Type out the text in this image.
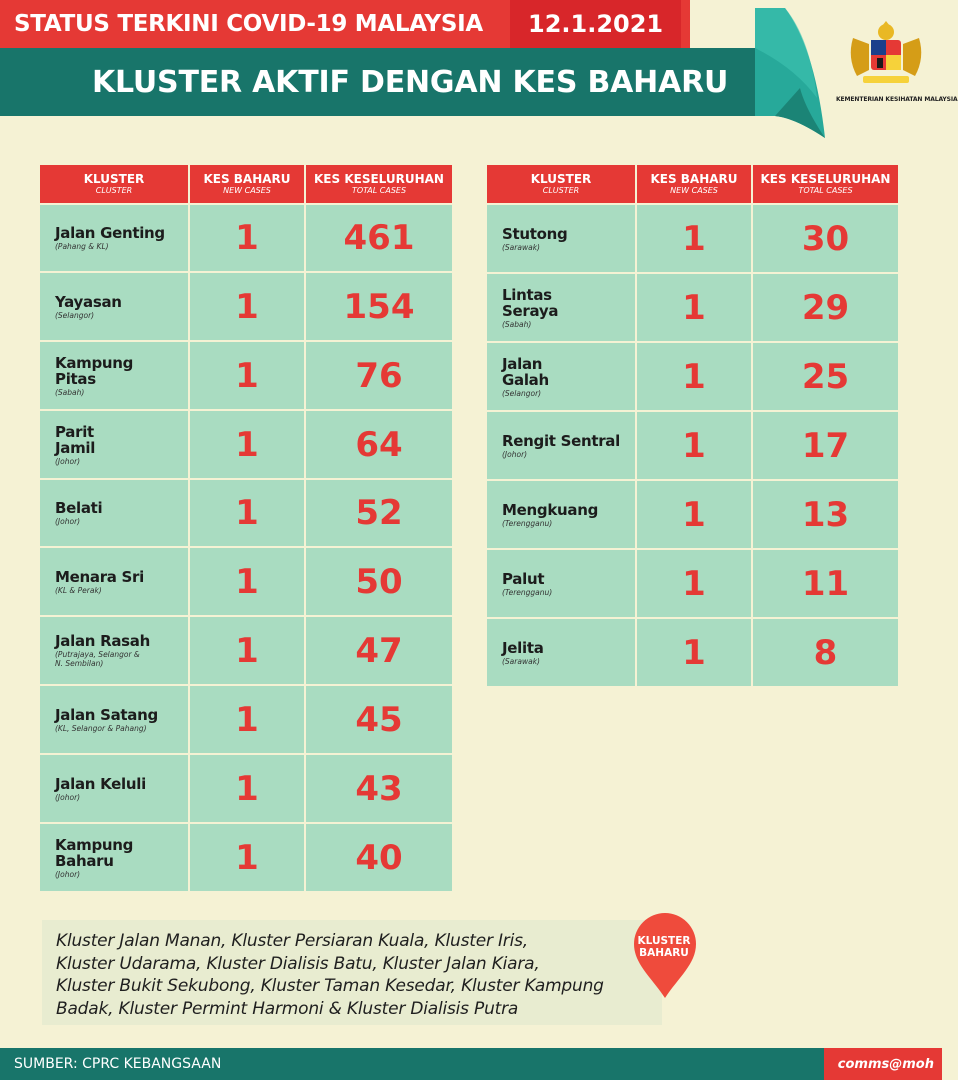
STATUS TERKINI COVID-19 MALAYSIA	12.1.2021
KLUSTER AKTIF DENGAN KES BAHARU	KEMENTERIAN KESIHATAN MALAYSIA
KLUSTER
CLUSTER
KES BAHARU
NEW CASES
KES KESELURUHAN
TOTAL CASES
Jalan Genting
(Pahang & KL)	1	461
Yayasan
(Selangor)	1	154
Kampung
Pitas
(Sabah)	1	76
Parit
Jamil
(Johor)	1	64
Belati
(Johor)	1	52
Menara Sri
(KL & Perak)	1	50
Jalan Rasah
(Putrajaya, Selangor &
N. Sembilan)	1	47
Jalan Satang
(KL, Selangor & Pahang)	1	45
Jalan Keluli
(Johor)	1	43
Kampung
Baharu
(Johor)	1	40
KLUSTER
CLUSTER
KES BAHARU
NEW CASES
KES KESELURUHAN
TOTAL CASES
Stutong
(Sarawak)	1	30
Lintas
Seraya
(Sabah)	1	29
Jalan
Galah
(Selangor)	1	25
Rengit Sentral
(Johor)	1	17
Mengkuang
(Terengganu)	1	13
Palut
(Terengganu)	1	11
Jelita
(Sarawak)	1	8

Kluster Jalan Manan, Kluster Persiaran Kuala, Kluster Iris,

Kluster Udarama, Kluster Dialisis Batu, Kluster Jalan Kiara,

Kluster Bukit Sekubong, Kluster Taman Kesedar, Kluster Kampung

Badak, Kluster Permint Harmoni & Kluster Dialisis Putra

KLUSTER
BAHARU
SUMBER: CPRC KEBANGSAAN	comms@moh
